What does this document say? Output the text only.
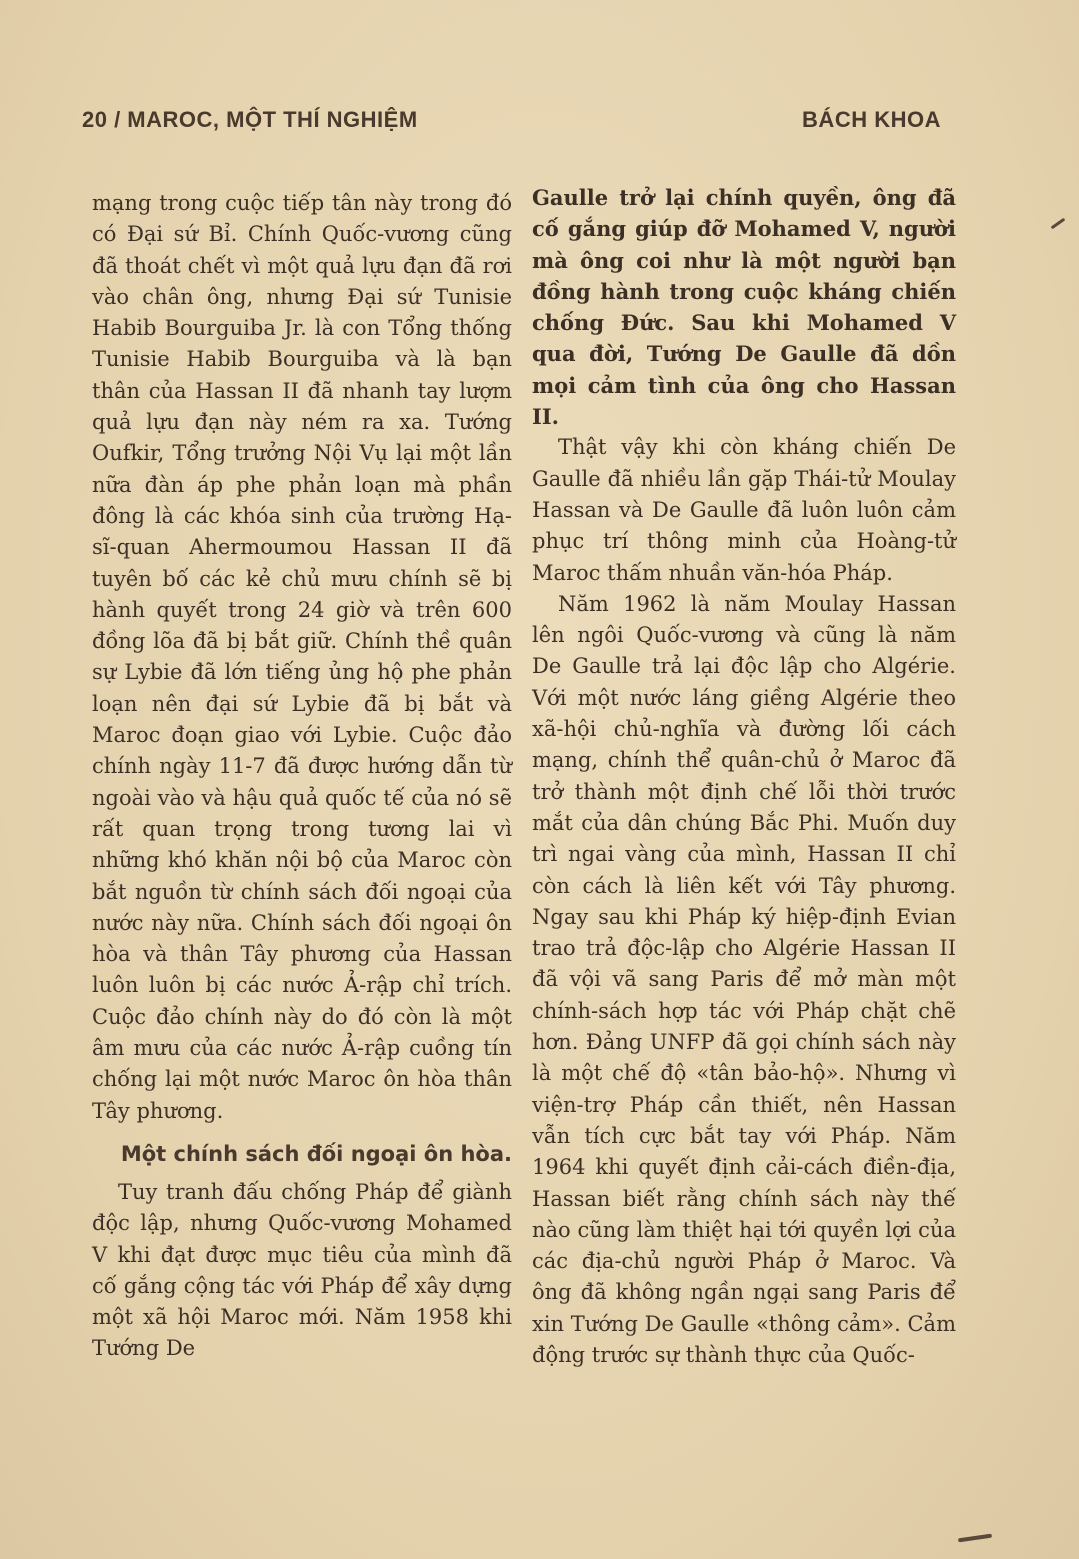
20 / MAROC, MỘT THÍ NGHIỆM	BÁCH KHOA

mạng trong cuộc tiếp tân này trong đó có Đại sứ Bỉ. Chính Quốc-vương cũng đã thoát chết vì một quả lựu đạn đã rơi vào chân ông, nhưng Đại sứ Tunisie Habib Bourguiba Jr. là con Tổng thống Tunisie Habib Bourguiba và là bạn thân của Hassan II đã nhanh tay lượm quả lựu đạn này ném ra xa. Tướng Oufkir, Tổng trưởng Nội Vụ lại một lần nữa đàn áp phe phản loạn mà phần đông là các khóa sinh của trường Hạ-sĩ-quan Ahermoumou Hassan II đã tuyên bố các kẻ chủ mưu chính sẽ bị hành quyết trong 24 giờ và trên 600 đồng lõa đã bị bắt giữ. Chính thề quân sự Lybie đã lớn tiếng ủng hộ phe phản loạn nên đại sứ Lybie đã bị bắt và Maroc đoạn giao với Lybie. Cuộc đảo chính ngày 11-7 đã được hướng dẫn từ ngoài vào và hậu quả quốc tế của nó sẽ rất quan trọng trong tương lai vì những khó khăn nội bộ của Maroc còn bắt nguồn từ chính sách đối ngoại của nước này nữa. Chính sách đối ngoại ôn hòa và thân Tây phương của Hassan luôn luôn bị các nước Ả-rập chỉ trích. Cuộc đảo chính này do đó còn là một âm mưu của các nước Ả-rập cuồng tín chống lại một nước Maroc ôn hòa thân Tây phương.

Một chính sách đối ngoại ôn hòa.

Tuy tranh đấu chống Pháp để giành độc lập, nhưng Quốc-vương Mohamed V khi đạt được mục tiêu của mình đã cố gắng cộng tác với Pháp để xây dựng một xã hội Maroc mới. Năm 1958 khi Tướng De

Gaulle trở lại chính quyền, ông đã cố gắng giúp đỡ Mohamed V, người mà ông coi như là một người bạn đồng hành trong cuộc kháng chiến chống Đức. Sau khi Mohamed V qua đời, Tướng De Gaulle đã dồn mọi cảm tình của ông cho Hassan II.

Thật vậy khi còn kháng chiến De Gaulle đã nhiều lần gặp Thái-tử Moulay Hassan và De Gaulle đã luôn luôn cảm phục trí thông minh của Hoàng-tử Maroc thấm nhuần văn-hóa Pháp.

Năm 1962 là năm Moulay Hassan lên ngôi Quốc-vương và cũng là năm De Gaulle trả lại độc lập cho Algérie. Với một nước láng giềng Algérie theo xã-hội chủ-nghĩa và đường lối cách mạng, chính thể quân-chủ ở Maroc đã trở thành một định chế lỗi thời trước mắt của dân chúng Bắc Phi. Muốn duy trì ngai vàng của mình, Hassan II chỉ còn cách là liên kết với Tây phương. Ngay sau khi Pháp ký hiệp-định Evian trao trả độc-lập cho Algérie Hassan II đã vội vã sang Paris để mở màn một chính-sách hợp tác với Pháp chặt chẽ hơn. Đảng UNFP đã gọi chính sách này là một chế độ «tân bảo-hộ». Nhưng vì viện-trợ Pháp cần thiết, nên Hassan vẫn tích cực bắt tay với Pháp. Năm 1964 khi quyết định cải-cách điền-địa, Hassan biết rằng chính sách này thế nào cũng làm thiệt hại tới quyền lợi của các địa-chủ người Pháp ở Maroc. Và ông đã không ngần ngại sang Paris để xin Tướng De Gaulle «thông cảm». Cảm động trước sự thành thực của Quốc-
